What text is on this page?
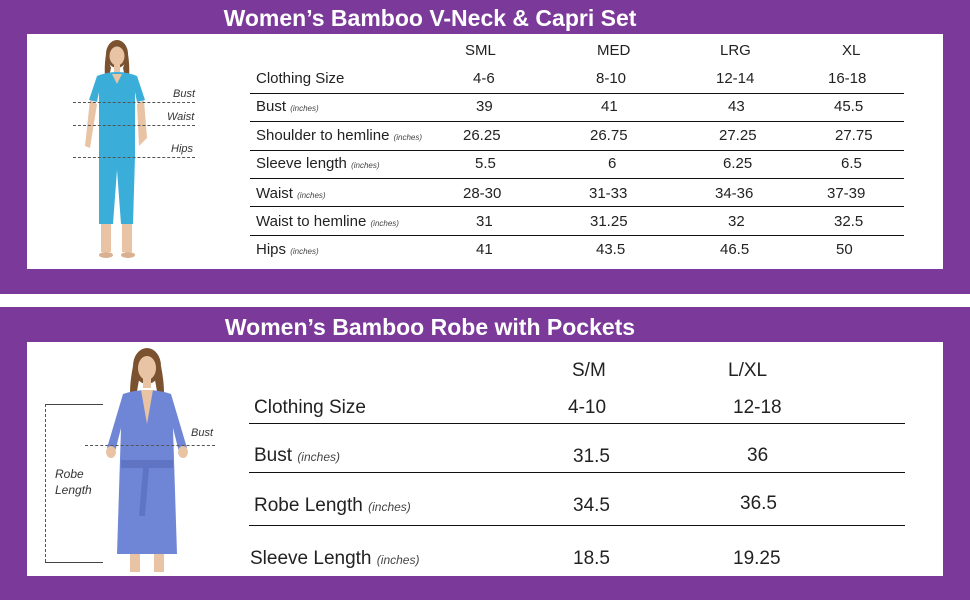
Women’s Bamboo V-Neck & Capri Set
Bust
Waist
Hips
SML	MED	LRG	XL
Clothing Size	4-6	8-10	12-14	16-18
Bust (inches)	39	41	43	45.5
Shoulder to hemline (inches)	26.25	26.75	27.25	27.75
Sleeve length (inches)	5.5	6	6.25	6.5
Waist (inches)	28-30	31-33	34-36	37-39
Waist to hemline (inches)	31	31.25	32	32.5
Hips (inches)	41	43.5	46.5	50
Women’s Bamboo Robe with Pockets
Robe
Length
Bust
S/M	L/XL
Clothing Size	4-10	12-18
Bust (inches)	31.5	36
Robe Length (inches)	34.5	36.5
Sleeve Length (inches)	18.5	19.25
